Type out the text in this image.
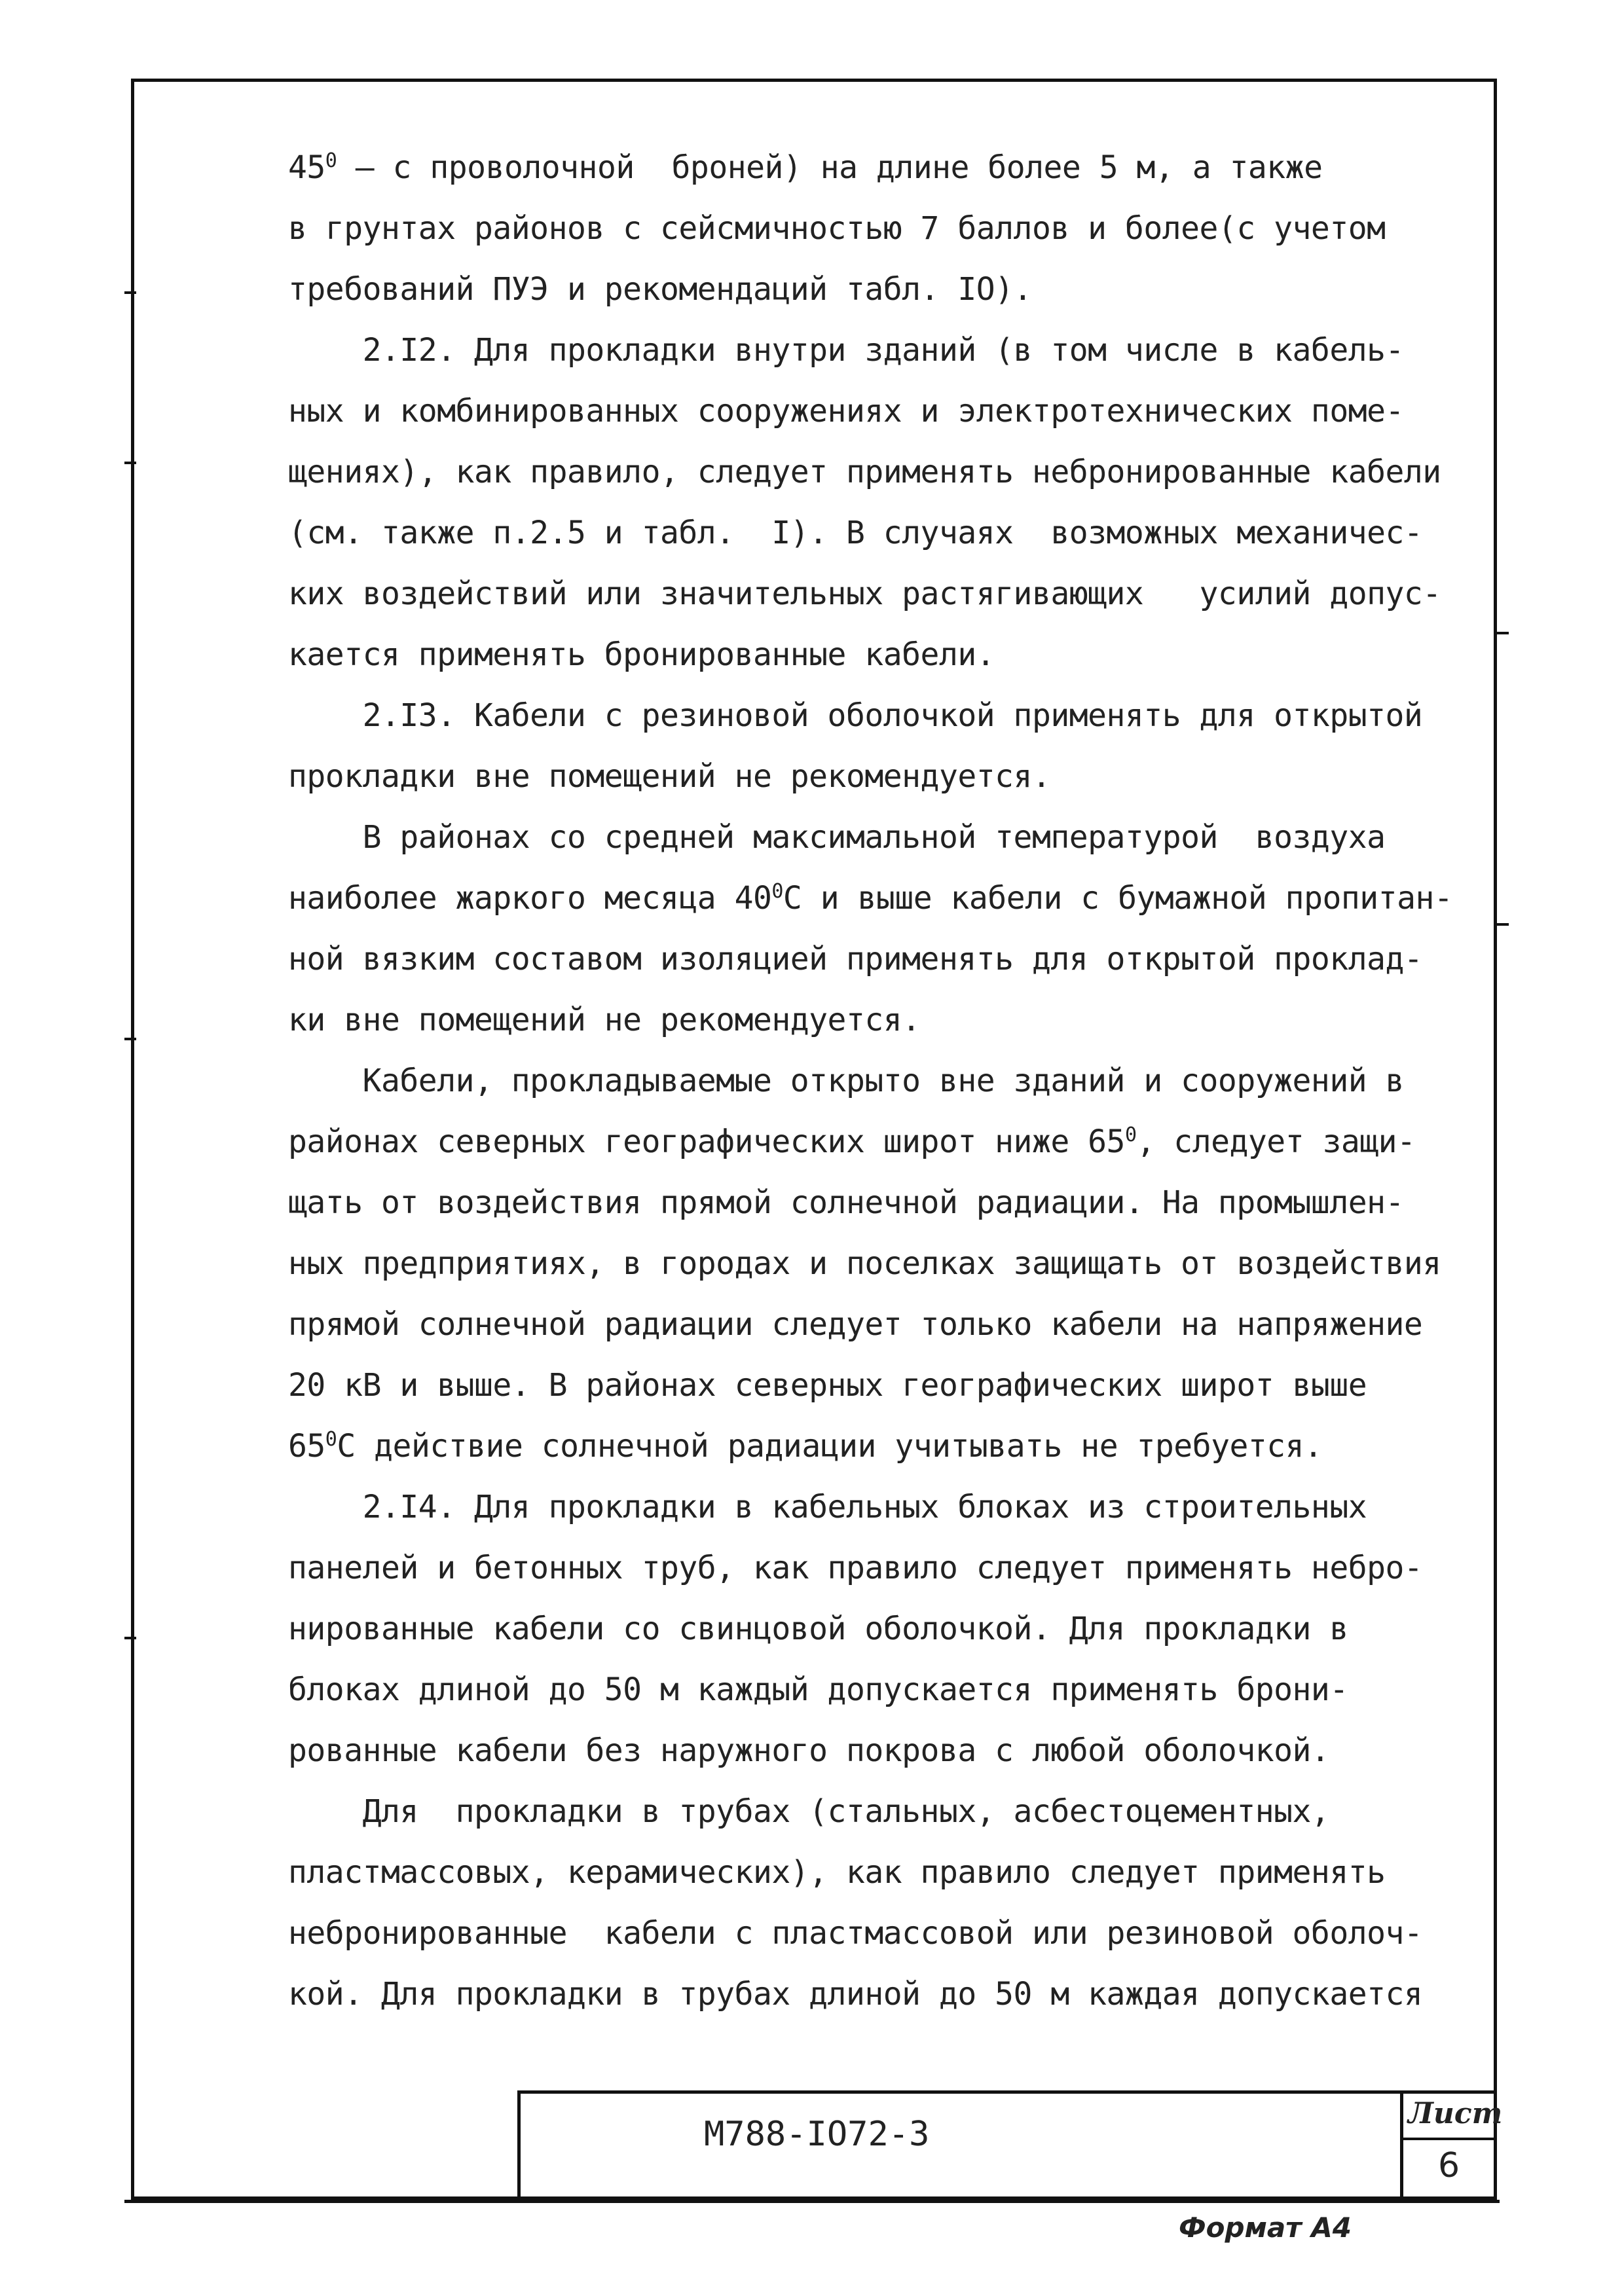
$45^0$ – с проволочной  броней) на длине более 5 м, а также
в грунтах районов с сейсмичностью 7 баллов и более(с учетом
требований ПУЭ и рекомендаций табл. IO).
2.I2. Для прокладки внутри зданий (в том числе в кабель-
ных и комбинированных сооружениях и электротехнических поме-
щениях), как правило, следует применять небронированные кабели
(см. также п.2.5 и табл.  I). В случаях  возможных механичес-
ких воздействий или значительных растягивающих   усилий допус-
кается применять бронированные кабели.
2.I3. Кабели с резиновой оболочкой применять для открытой
прокладки вне помещений не рекомендуется.
В районах со средней максимальной температурой  воздуха
наиболее жаркого месяца $40^0С$ и выше кабели с бумажной пропитан-
ной вязким составом изоляцией применять для открытой проклад-
ки вне помещений не рекомендуется.
Кабели, прокладываемые открыто вне зданий и сооружений в
районах северных географических широт ниже $65^0$, следует защи-
щать от воздействия прямой солнечной радиации. На промышлен-
ных предприятиях, в городах и поселках защищать от воздействия
прямой солнечной радиации следует только кабели на напряжение
20 кВ и выше. В районах северных географических широт выше
$65^0С$ действие солнечной радиации учитывать не требуется.
2.I4. Для прокладки в кабельных блоках из строительных
панелей и бетонных труб, как правило следует применять небро-
нированные кабели со свинцовой оболочкой. Для прокладки в
блоках длиной до 50 м каждый допускается применять брони-
рованные кабели без наружного покрова с любой оболочкой.
Для  прокладки в трубах (стальных, асбестоцементных,
пластмассовых, керамических), как правило следует применять
небронированные  кабели с пластмассовой или резиновой оболоч-
кой. Для прокладки в трубах длиной до 50 м каждая допускается
М788-IO72-3
Лист
6
Формат А4
